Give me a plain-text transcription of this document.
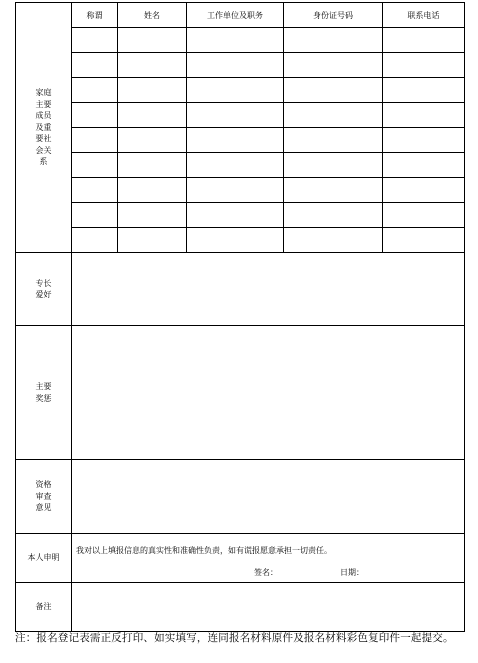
家庭主要成员及重要社会关系	称谓	姓名	工作单位及职务	身份证号码	联系电话

专长爱好					
主要奖惩					
资格审查意见					
本人申明	我对以上填报信息的真实性和准确性负责，如有谎报愿意承担一切责任。
签名： 日期：				

备注					
注：报名登记表需正反打印、如实填写，连同报名材料原件及报名材料彩色复印件一起提交。
